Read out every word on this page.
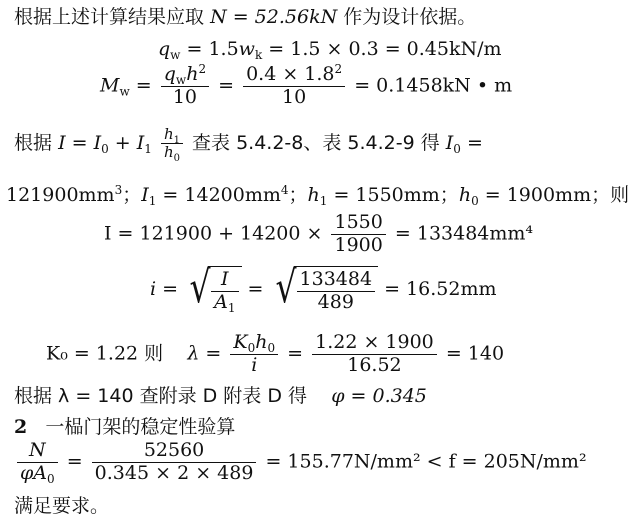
根据上述计算结果应取 N = 52.56kN 作为设计依据。
$q_w = 1.5w_k = 1.5 \times 0.3 = 0.45kN/m$
$M_w = \frac{q_wh^2}{10} = \frac{0.4 \times 1.8^2}{10} = 0.1458kN$ • m
根据 $I = I_0 + I_1 \frac{h_1}{h_0}$ 查表 5.4.2-8、表 5.4.2-9 得 $I_0$ =
$121900mm^3$；$I_1 = 14200mm^4$；$h_1 = 1550mm$；$h_0 = 1900mm$；则
$I = 121900 + 14200 \times \frac{1550}{1900} = 133484mm^4$
i = √ $\frac{I}{A_1}$ = √ $\frac{133484}{489} = 16.52mm$
K₀ = 1.22 则 $\lambda = \frac{K_0h_0}{i} = \frac{1.22 \times 1900}{16.52} = 140$
根据 λ = 140 查附录 D 附表 D 得 φ = 0.345
2 一榀门架的稳定性验算
$\frac{N}{\varphi A_0} = \frac{52560}{0.345 \times 2 \times 489} = 155.77N/mm^2 < f = 205N/mm^2$
满足要求。
